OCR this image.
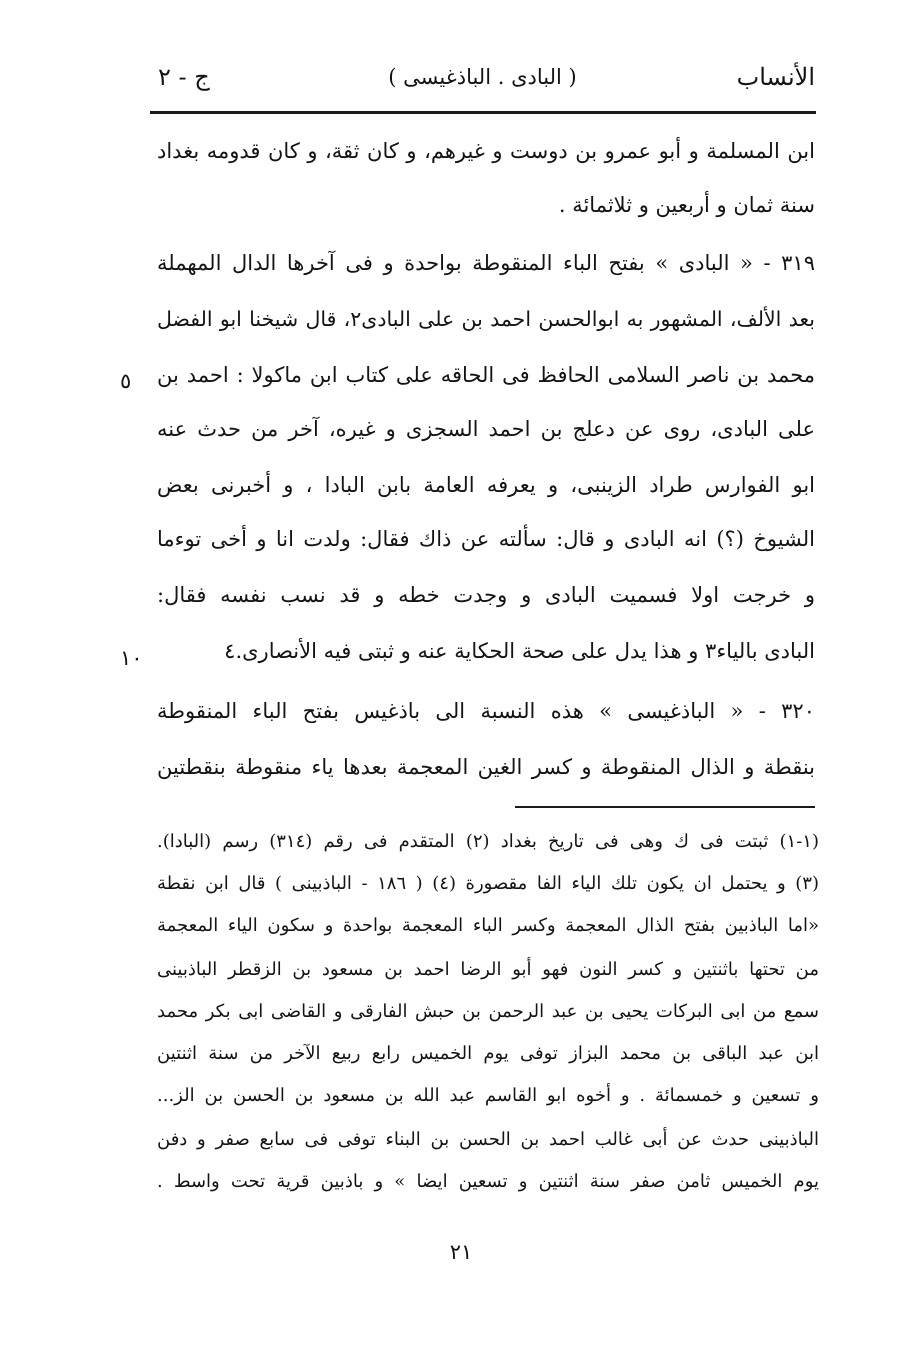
الأنساب
( البادى . الباذغيسى )
ج - ٢
ابن المسلمة و أبو عمرو بن دوست و غيرهم، و كان ثقة، و كان قدومه بغداد
سنة ثمان و أربعين و ثلاثمائة .
٣١٩ - « البادى » بفتح الباء المنقوطة بواحدة و فى آخرها الدال المهملة
بعد الألف، المشهور به ابوالحسن احمد بن على البادى٢، قال شيخنا ابو الفضل
محمد بن ناصر السلامى الحافظ فى الحاقه على كتاب ابن ماكولا : احمد بن
على البادى، روى عن دعلج بن احمد السجزى و غيره، آخر من حدث عنه
ابو الفوارس طراد الزينبى، و يعرفه العامة بابن البادا ، و أخبرنى بعض
الشيوخ (؟) انه البادى و قال: سألته عن ذاك فقال: ولدت انا و أخى توءما
و خرجت اولا فسميت البادى و وجدت خطه و قد نسب نفسه فقال:
البادى بالياء٣ و هذا يدل على صحة الحكاية عنه و ثبتى فيه الأنصارى.٤
٣٢٠ - « الباذغيسى » هذه النسبة الى باذغيس بفتح الباء المنقوطة
بنقطة و الذال المنقوطة و كسر الغين المعجمة بعدها ياء منقوطة بنقطتين
٥
١٠
(١-١) ثبتت فى ك وهى فى تاريخ بغداد (٢) المتقدم فى رقم (٣١٤) رسم (البادا).
(٣) و يحتمل ان يكون تلك الياء الفا مقصورة (٤) ( ١٨٦ - الباذبينى ) قال ابن نقطة
«اما الباذبين بفتح الذال المعجمة وكسر الباء المعجمة بواحدة و سكون الياء المعجمة
من تحتها باثنتين و كسر النون فهو أبو الرضا احمد بن مسعود بن الزقطر الباذبينى
سمع من ابى البركات يحيى بن عبد الرحمن بن حبش الفارقى و القاضى ابى بكر محمد
ابن عبد الباقى بن محمد البزاز توفى يوم الخميس رابع ربيع الآخر من سنة اثنتين
و تسعين و خمسمائة . و أخوه ابو القاسم عبد الله بن مسعود بن الحسن بن الز...
الباذبينى حدث عن أبى غالب احمد بن الحسن بن البناء توفى فى سابع صفر و دفن
يوم الخميس ثامن صفر سنة اثنتين و تسعين ايضا » و باذبين قرية تحت واسط .
٢١
